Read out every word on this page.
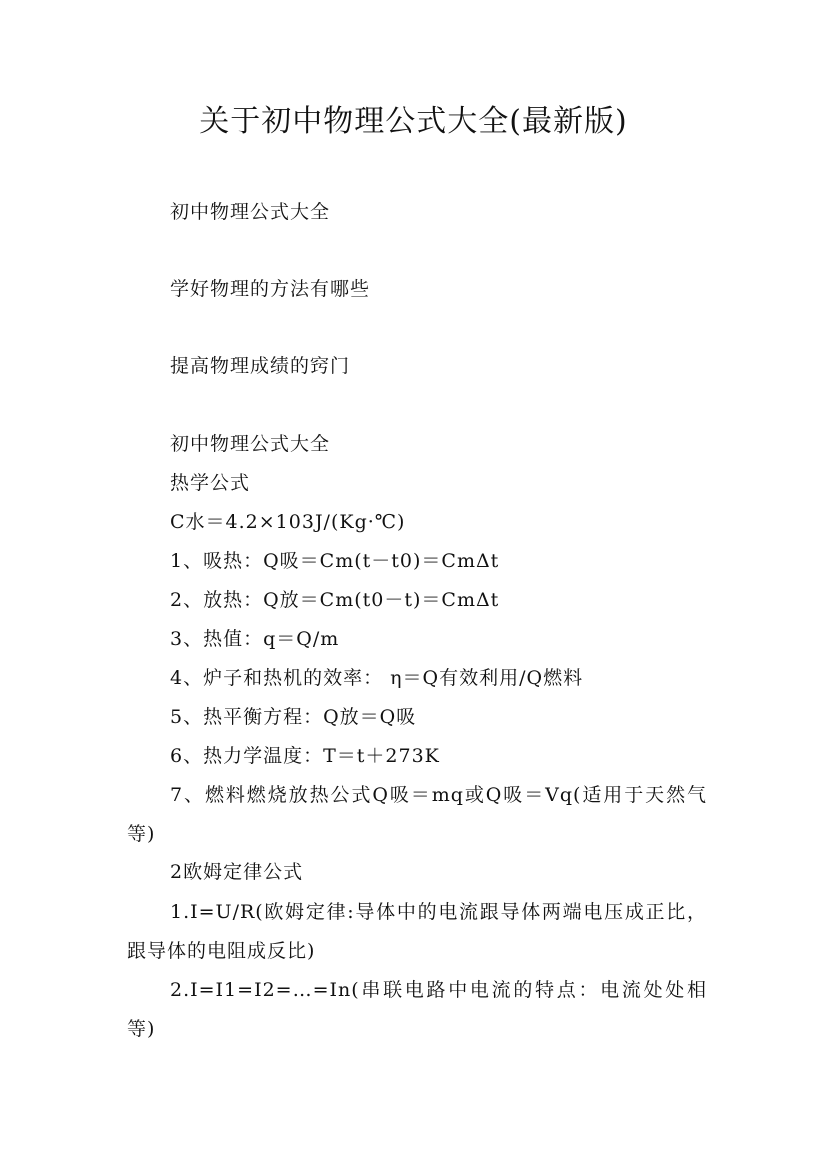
关于初中物理公式大全(最新版)
初中物理公式大全
学好物理的方法有哪些
提高物理成绩的窍门
初中物理公式大全
热学公式
C水＝4.2×103J/(Kg·℃)
1、吸热：Q吸＝Cm(t－t0)＝CmΔt
2、放热：Q放＝Cm(t0－t)＝CmΔt
3、热值：q＝Q/m
4、炉子和热机的效率： η＝Q有效利用/Q燃料
5、热平衡方程：Q放＝Q吸
6、热力学温度：T＝t＋273K
7、燃料燃烧放热公式Q吸＝mq或Q吸＝Vq(适用于天然气等)
2欧姆定律公式
1.I=U/R(欧姆定律:导体中的电流跟导体两端电压成正比，跟导体的电阻成反比)
2.I=I1=I2=…=In(串联电路中电流的特点：电流处处相等)
